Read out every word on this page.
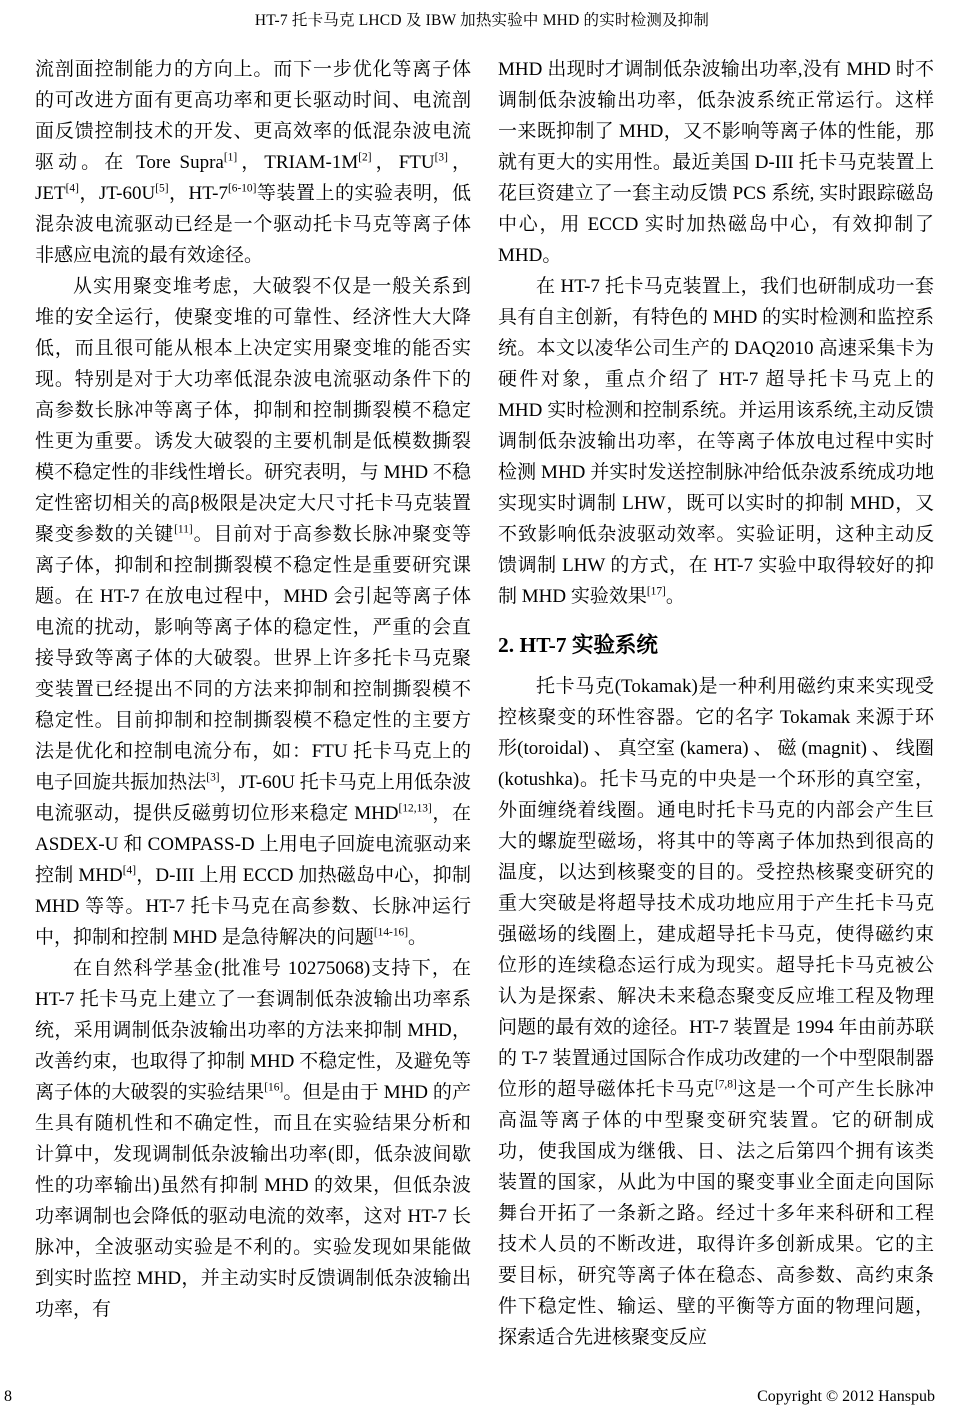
HT-7 托卡马克 LHCD 及 IBW 加热实验中 MHD 的实时检测及抑制

流剖面控制能力的方向上。而下一步优化等离子体的可改进方面有更高功率和更长驱动时间、电流剖面反馈控制技术的开发、更高效率的低混杂波电流驱动。在 Tore Supra[1]，TRIAM-1M[2]，FTU[3]，JET[4]，JT-60U[5]，HT-7[6-10]等装置上的实验表明，低混杂波电流驱动已经是一个驱动托卡马克等离子体非感应电流的最有效途径。

从实用聚变堆考虑，大破裂不仅是一般关系到堆的安全运行，使聚变堆的可靠性、经济性大大降低，而且很可能从根本上决定实用聚变堆的能否实现。特别是对于大功率低混杂波电流驱动条件下的高参数长脉冲等离子体，抑制和控制撕裂模不稳定性更为重要。诱发大破裂的主要机制是低模数撕裂模不稳定性的非线性增长。研究表明，与 MHD 不稳定性密切相关的高β极限是决定大尺寸托卡马克装置聚变参数的关键[11]。目前对于高参数长脉冲聚变等离子体，抑制和控制撕裂模不稳定性是重要研究课题。在 HT-7 在放电过程中，MHD 会引起等离子体电流的扰动，影响等离子体的稳定性，严重的会直接导致等离子体的大破裂。世界上许多托卡马克聚变装置已经提出不同的方法来抑制和控制撕裂模不稳定性。目前抑制和控制撕裂模不稳定性的主要方法是优化和控制电流分布，如：FTU 托卡马克上的电子回旋共振加热法[3]，JT-60U 托卡马克上用低杂波电流驱动，提供反磁剪切位形来稳定 MHD[12,13]，在 ASDEX-U 和 COMPASS-D 上用电子回旋电流驱动来控制 MHD[4]，D-III 上用 ECCD 加热磁岛中心，抑制 MHD 等等。HT-7 托卡马克在高参数、长脉冲运行中，抑制和控制 MHD 是急待解决的问题[14-16]。

在自然科学基金(批准号 10275068)支持下，在 HT-7 托卡马克上建立了一套调制低杂波输出功率系统，采用调制低杂波输出功率的方法来抑制 MHD，改善约束，也取得了抑制 MHD 不稳定性，及避免等离子体的大破裂的实验结果[16]。但是由于 MHD 的产生具有随机性和不确定性，而且在实验结果分析和计算中，发现调制低杂波输出功率(即，低杂波间歇性的功率输出)虽然有抑制 MHD 的效果，但低杂波功率调制也会降低的驱动电流的效率，这对 HT-7 长脉冲，全波驱动实验是不利的。实验发现如果能做到实时监控 MHD，并主动实时反馈调制低杂波输出功率，有

MHD 出现时才调制低杂波输出功率,没有 MHD 时不调制低杂波输出功率，低杂波系统正常运行。这样一来既抑制了 MHD，又不影响等离子体的性能，那就有更大的实用性。最近美国 D-III 托卡马克装置上花巨资建立了一套主动反馈 PCS 系统, 实时跟踪磁岛中心，用 ECCD 实时加热磁岛中心，有效抑制了 MHD。

在 HT-7 托卡马克装置上，我们也研制成功一套具有自主创新，有特色的 MHD 的实时检测和监控系统。本文以凌华公司生产的 DAQ2010 高速采集卡为硬件对象，重点介绍了 HT-7 超导托卡马克上的 MHD 实时检测和控制系统。并运用该系统,主动反馈调制低杂波输出功率，在等离子体放电过程中实时检测 MHD 并实时发送控制脉冲给低杂波系统成功地实现实时调制 LHW，既可以实时的抑制 MHD，又不致影响低杂波驱动效率。实验证明，这种主动反馈调制 LHW 的方式，在 HT-7 实验中取得较好的抑制 MHD 实验效果[17]。

2. HT-7 实验系统

托卡马克(Tokamak)是一种利用磁约束来实现受控核聚变的环性容器。它的名字 Tokamak 来源于环形(toroidal) 、 真空室 (kamera) 、 磁 (magnit) 、 线圈(kotushka)。托卡马克的中央是一个环形的真空室，外面缠绕着线圈。通电时托卡马克的内部会产生巨大的螺旋型磁场，将其中的等离子体加热到很高的温度，以达到核聚变的目的。受控热核聚变研究的重大突破是将超导技术成功地应用于产生托卡马克强磁场的线圈上，建成超导托卡马克，使得磁约束位形的连续稳态运行成为现实。超导托卡马克被公认为是探索、解决未来稳态聚变反应堆工程及物理问题的最有效的途径。HT-7 装置是 1994 年由前苏联的 T-7 装置通过国际合作成功改建的一个中型限制器位形的超导磁体托卡马克[7,8]这是一个可产生长脉冲高温等离子体的中型聚变研究装置。它的研制成功，使我国成为继俄、日、法之后第四个拥有该类装置的国家，从此为中国的聚变事业全面走向国际舞台开拓了一条新之路。经过十多年来科研和工程技术人员的不断改进，取得许多创新成果。它的主要目标，研究等离子体在稳态、高参数、高约束条件下稳定性、输运、壁的平衡等方面的物理问题，探索适合先进核聚变反应

8	Copyright © 2012 Hanspub
